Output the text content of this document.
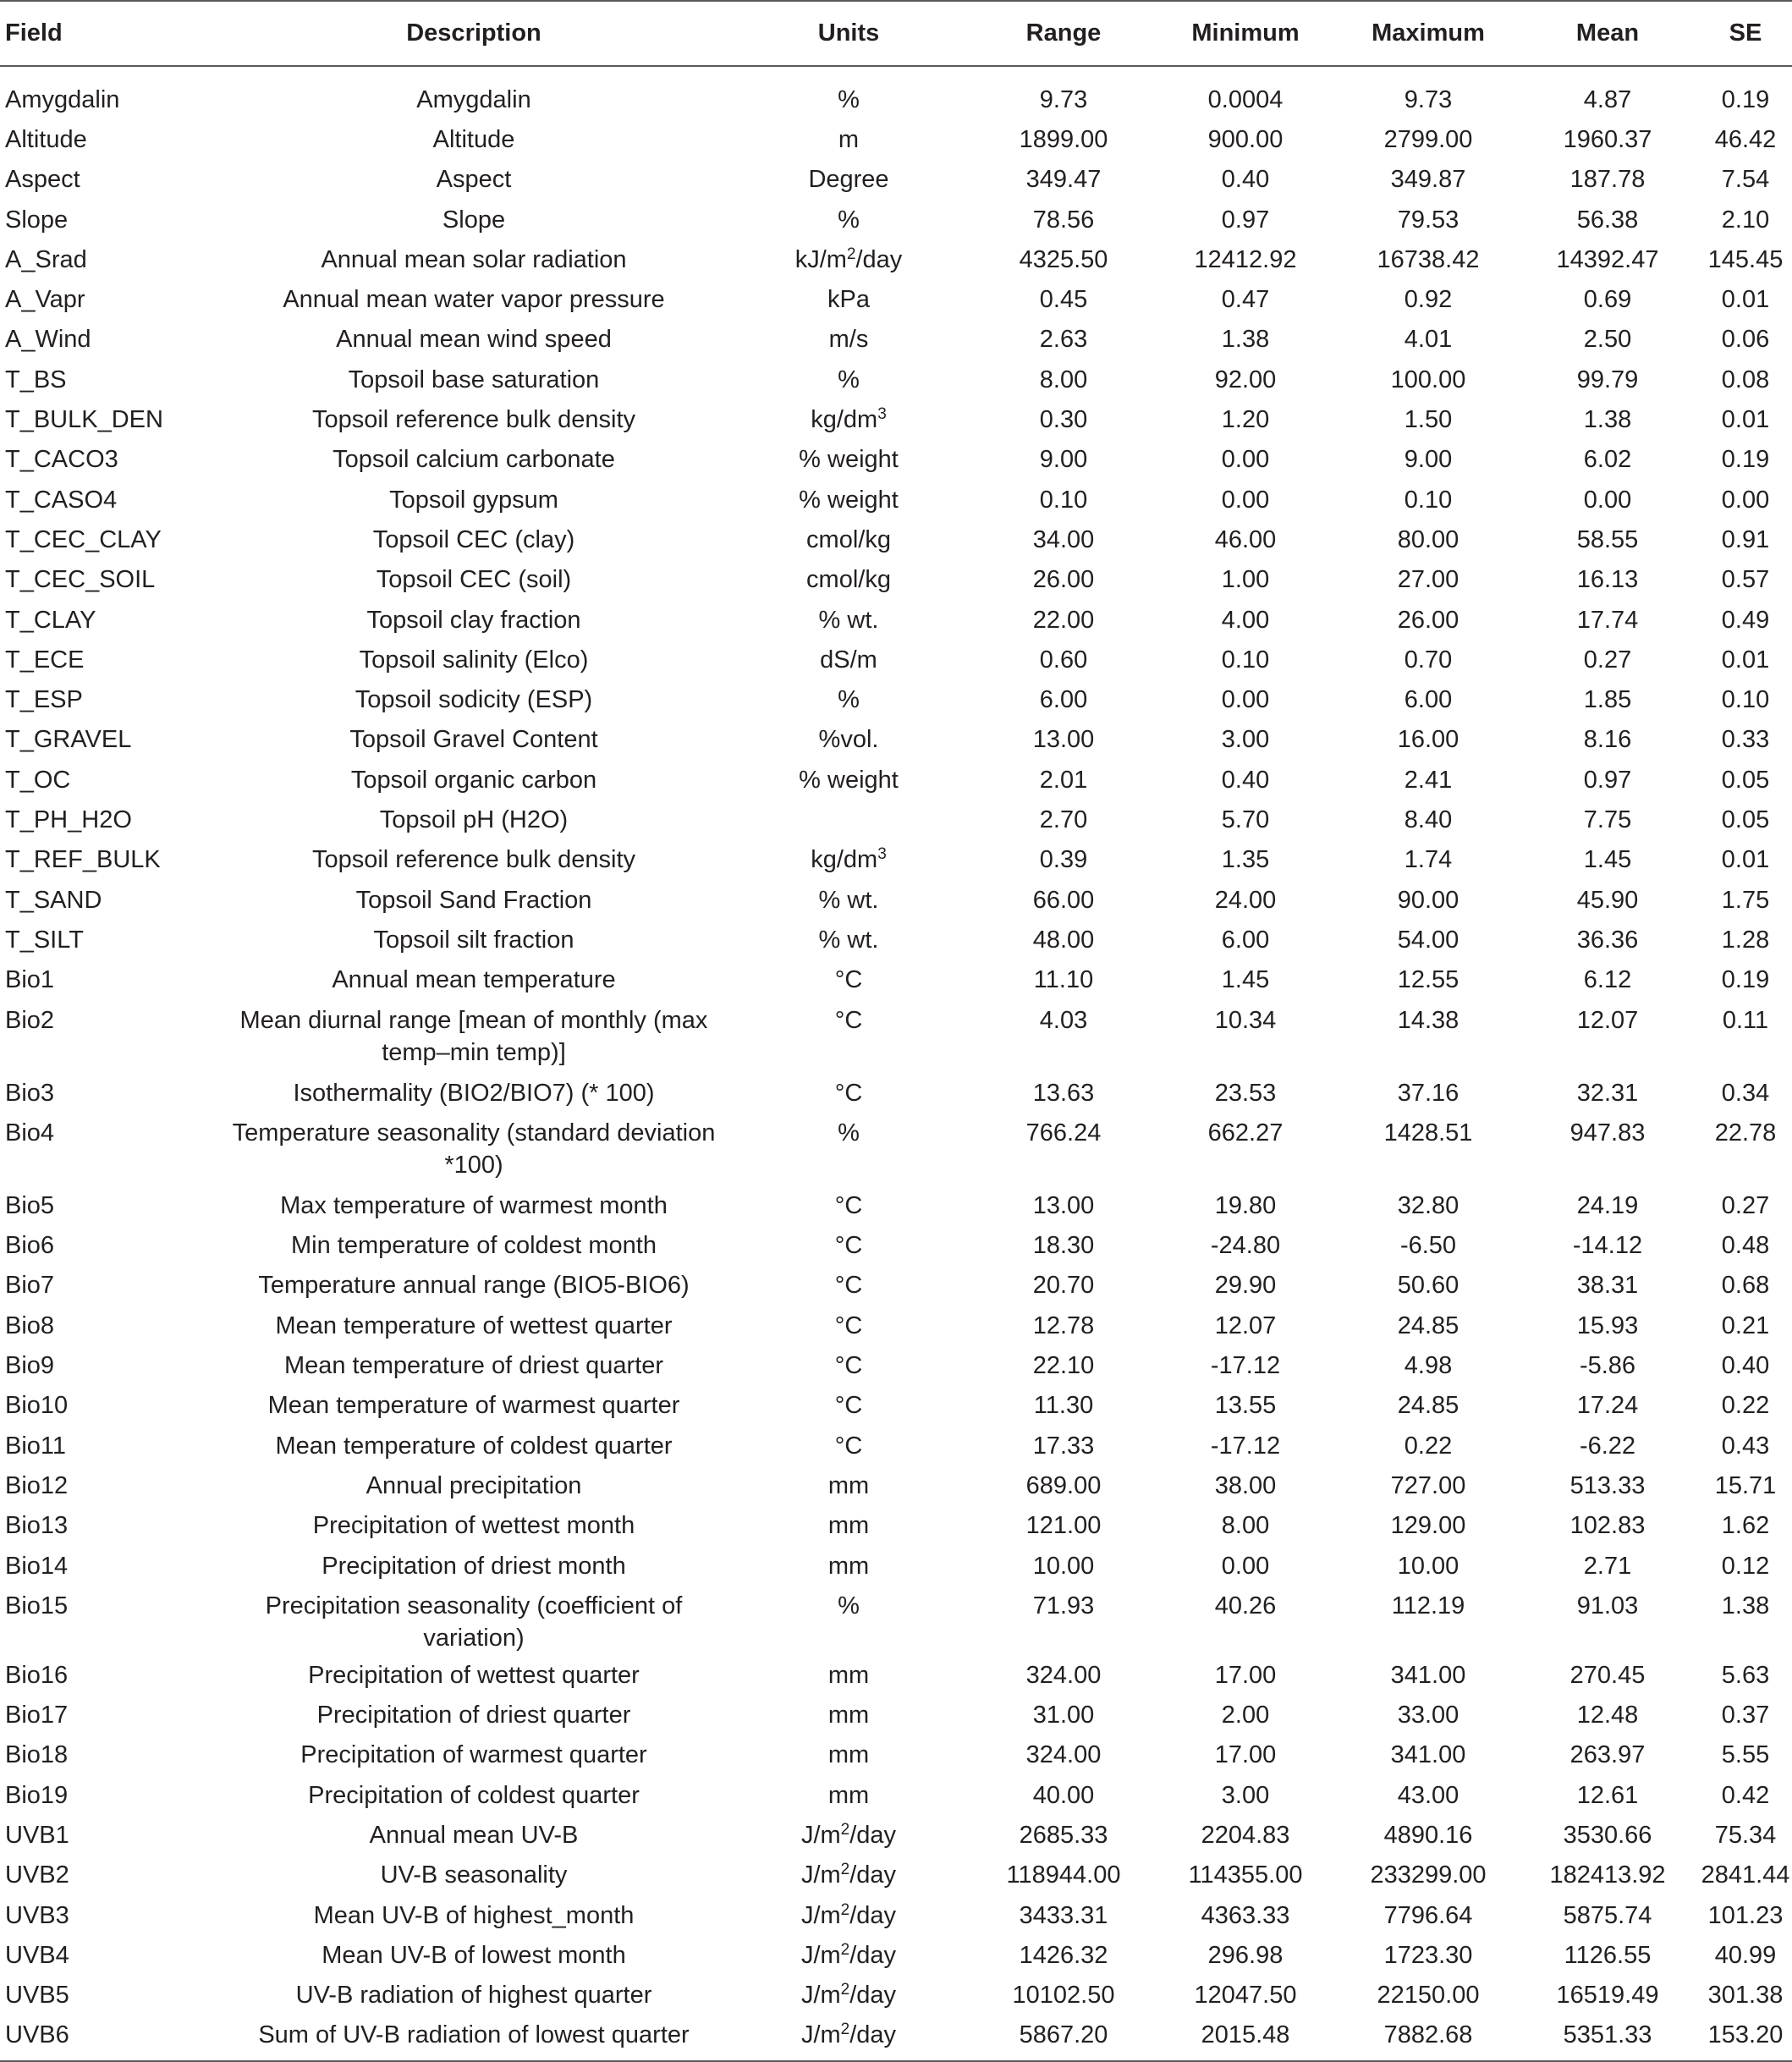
Field	Description	Units	Range	Minimum	Maximum	Mean	SE
Amygdalin	Amygdalin	%	9.73	0.0004	9.73	4.87	0.19
Altitude	Altitude	m	1899.00	900.00	2799.00	1960.37	46.42
Aspect	Aspect	Degree	349.47	0.40	349.87	187.78	7.54
Slope	Slope	%	78.56	0.97	79.53	56.38	2.10
A_Srad	Annual mean solar radiation	$kJ/m^2$/day	4325.50	12412.92	16738.42	14392.47	145.45
A_Vapr	Annual mean water vapor pressure	kPa	0.45	0.47	0.92	0.69	0.01
A_Wind	Annual mean wind speed	m/s	2.63	1.38	4.01	2.50	0.06
T_BS	Topsoil base saturation	%	8.00	92.00	100.00	99.79	0.08
T_BULK_DEN	Topsoil reference bulk density	$kg/dm^3$	0.30	1.20	1.50	1.38	0.01
T_CACO3	Topsoil calcium carbonate	% weight	9.00	0.00	9.00	6.02	0.19
T_CASO4	Topsoil gypsum	% weight	0.10	0.00	0.10	0.00	0.00
T_CEC_CLAY	Topsoil CEC (clay)	cmol/kg	34.00	46.00	80.00	58.55	0.91
T_CEC_SOIL	Topsoil CEC (soil)	cmol/kg	26.00	1.00	27.00	16.13	0.57
T_CLAY	Topsoil clay fraction	% wt.	22.00	4.00	26.00	17.74	0.49
T_ECE	Topsoil salinity (Elco)	dS/m	0.60	0.10	0.70	0.27	0.01
T_ESP	Topsoil sodicity (ESP)	%	6.00	0.00	6.00	1.85	0.10
T_GRAVEL	Topsoil Gravel Content	%vol.	13.00	3.00	16.00	8.16	0.33
T_OC	Topsoil organic carbon	% weight	2.01	0.40	2.41	0.97	0.05
T_PH_H2O	Topsoil pH (H2O)		2.70	5.70	8.40	7.75	0.05
T_REF_BULK	Topsoil reference bulk density	$kg/dm^3$	0.39	1.35	1.74	1.45	0.01
T_SAND	Topsoil Sand Fraction	% wt.	66.00	24.00	90.00	45.90	1.75
T_SILT	Topsoil silt fraction	% wt.	48.00	6.00	54.00	36.36	1.28
Bio1	Annual mean temperature	°C	11.10	1.45	12.55	6.12	0.19
Bio2	Mean diurnal range [mean of monthly (max temp–min temp)]	°C	4.03	10.34	14.38	12.07	0.11
Bio3	Isothermality (BIO2/BIO7) (* 100)	°C	13.63	23.53	37.16	32.31	0.34
Bio4	Temperature seasonality (standard deviation *100)	%	766.24	662.27	1428.51	947.83	22.78
Bio5	Max temperature of warmest month	°C	13.00	19.80	32.80	24.19	0.27
Bio6	Min temperature of coldest month	°C	18.30	-24.80	-6.50	-14.12	0.48
Bio7	Temperature annual range (BIO5-BIO6)	°C	20.70	29.90	50.60	38.31	0.68
Bio8	Mean temperature of wettest quarter	°C	12.78	12.07	24.85	15.93	0.21
Bio9	Mean temperature of driest quarter	°C	22.10	-17.12	4.98	-5.86	0.40
Bio10	Mean temperature of warmest quarter	°C	11.30	13.55	24.85	17.24	0.22
Bio11	Mean temperature of coldest quarter	°C	17.33	-17.12	0.22	-6.22	0.43
Bio12	Annual precipitation	mm	689.00	38.00	727.00	513.33	15.71
Bio13	Precipitation of wettest month	mm	121.00	8.00	129.00	102.83	1.62
Bio14	Precipitation of driest month	mm	10.00	0.00	10.00	2.71	0.12
Bio15	Precipitation seasonality (coefficient of variation)	%	71.93	40.26	112.19	91.03	1.38
Bio16	Precipitation of wettest quarter	mm	324.00	17.00	341.00	270.45	5.63
Bio17	Precipitation of driest quarter	mm	31.00	2.00	33.00	12.48	0.37
Bio18	Precipitation of warmest quarter	mm	324.00	17.00	341.00	263.97	5.55
Bio19	Precipitation of coldest quarter	mm	40.00	3.00	43.00	12.61	0.42
UVB1	Annual mean UV-B	$J/m^2$/day	2685.33	2204.83	4890.16	3530.66	75.34
UVB2	UV-B seasonality	$J/m^2$/day	118944.00	114355.00	233299.00	182413.92	2841.44
UVB3	Mean UV-B of highest_month	$J/m^2$/day	3433.31	4363.33	7796.64	5875.74	101.23
UVB4	Mean UV-B of lowest month	$J/m^2$/day	1426.32	296.98	1723.30	1126.55	40.99
UVB5	UV-B radiation of highest quarter	$J/m^2$/day	10102.50	12047.50	22150.00	16519.49	301.38
UVB6	Sum of UV-B radiation of lowest quarter	$J/m^2$/day	5867.20	2015.48	7882.68	5351.33	153.20
